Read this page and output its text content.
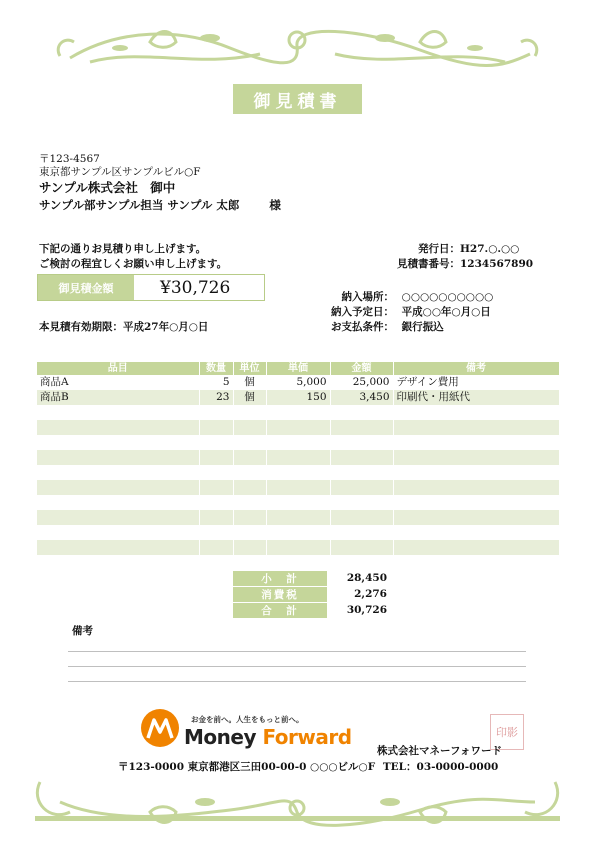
御見積書
〒123-4567
東京都サンプル区サンプルビル○F
サンプル株式会社 御中
サンプル部サンプル担当 サンプル 太郎	様
下記の通りお見積り申し上げます。
ご検討の程宜しくお願い申し上げます。
発行日：H27.○.○○
見積書番号：1234567890
御見積金額	¥30,726	納入場所： ○○○○○○○○○○
納入予定日： 平成○○年○月○日
お支払条件： 銀行振込
本見積有効期限：平成27年○月○日
品目	数量	単位	単価	金額	備考
商品A	5	個	5,000	25,000	デザイン費用
商品B	23	個	150	3,450	印刷代・用紙代

小　計	28,450
消費税	2,276
合　計	30,726
備考
お金を前へ。人生をもっと前へ。
Money Forward	印影
株式会社マネーフォワード
〒123-0000 東京都港区三田00-00-0 ○○○ビル○F TEL：03-0000-0000
